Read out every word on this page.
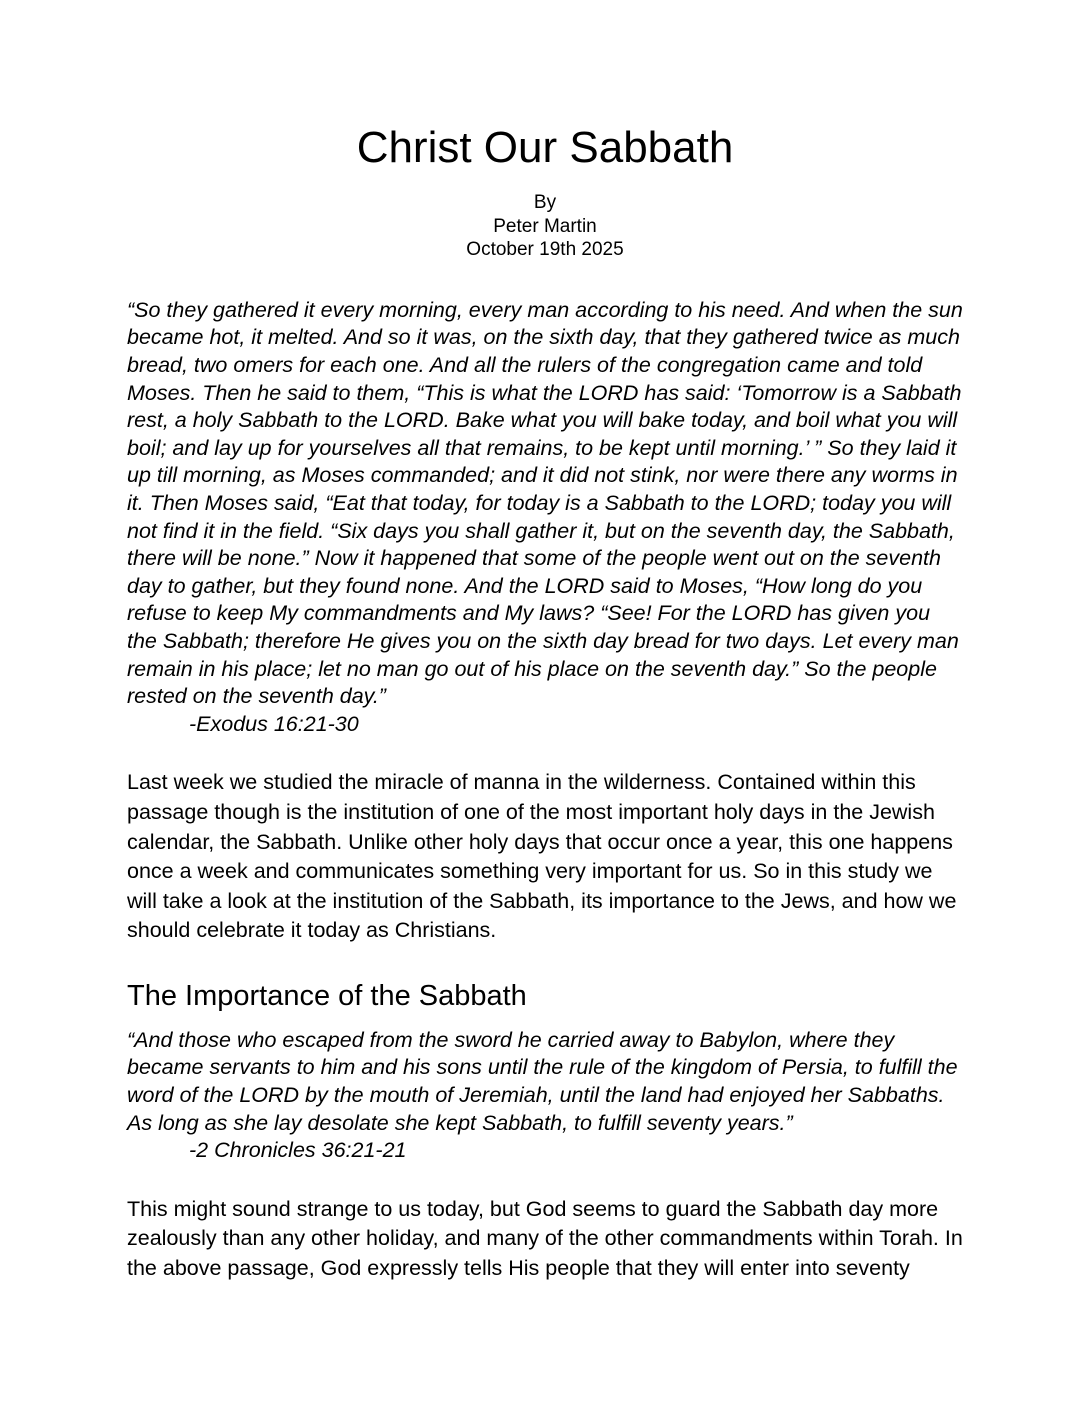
Christ Our Sabbath
By
Peter Martin
October 19th 2025

“So they gathered it every morning, every man according to his need. And when the sun became hot, it melted. And so it was, on the sixth day, that they gathered twice as much bread, two omers for each one. And all the rulers of the congregation came and told Moses. Then he said to them, “This is what the LORD has said: ‘Tomorrow is a Sabbath rest, a holy Sabbath to the LORD. Bake what you will bake today, and boil what you will boil; and lay up for yourselves all that remains, to be kept until morning.’ ” So they laid it up till morning, as Moses commanded; and it did not stink, nor were there any worms in it. Then Moses said, “Eat that today, for today is a Sabbath to the LORD; today you will not find it in the field. “Six days you shall gather it, but on the seventh day, the Sabbath, there will be none.” Now it happened that some of the people went out on the seventh day to gather, but they found none. And the LORD said to Moses, “How long do you refuse to keep My commandments and My laws? “See! For the LORD has given you the Sabbath; therefore He gives you on the sixth day bread for two days. Let every man remain in his place; let no man go out of his place on the seventh day.” So the people rested on the seventh day.”

-Exodus 16:21-30

Last week we studied the miracle of manna in the wilderness. Contained within this passage though is the institution of one of the most important holy days in the Jewish calendar, the Sabbath. Unlike other holy days that occur once a year, this one happens once a week and communicates something very important for us. So in this study we will take a look at the institution of the Sabbath, its importance to the Jews, and how we should celebrate it today as Christians.

The Importance of the Sabbath

“And those who escaped from the sword he carried away to Babylon, where they became servants to him and his sons until the rule of the kingdom of Persia, to fulfill the word of the LORD by the mouth of Jeremiah, until the land had enjoyed her Sabbaths. As long as she lay desolate she kept Sabbath, to fulfill seventy years.”

-2 Chronicles 36:21-21

This might sound strange to us today, but God seems to guard the Sabbath day more zealously than any other holiday, and many of the other commandments within Torah. In the above passage, God expressly tells His people that they will enter into seventy
